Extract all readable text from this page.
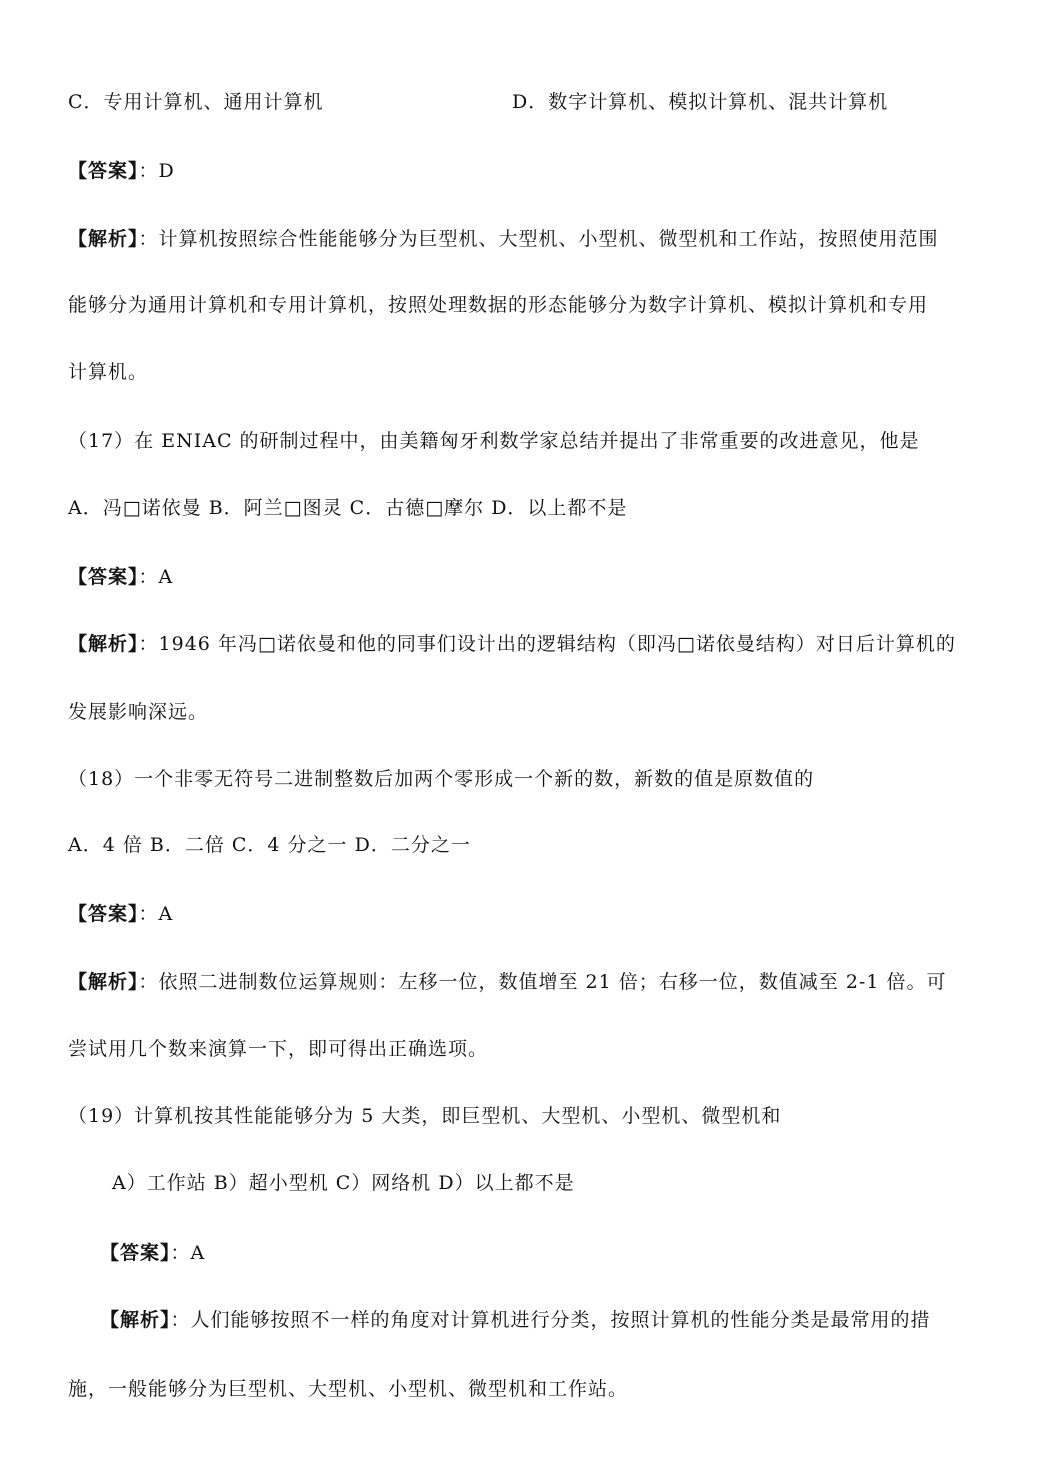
C．专用计算机、通用计算机	D．数字计算机、模拟计算机、混共计算机
【答案】：D
【解析】：计算机按照综合性能能够分为巨型机、大型机、小型机、微型机和工作站，按照使用范围
能够分为通用计算机和专用计算机，按照处理数据的形态能够分为数字计算机、模拟计算机和专用
计算机。
（17）在 ENIAC 的研制过程中，由美籍匈牙利数学家总结并提出了非常重要的改进意见，他是
A．冯□诺依曼 B．阿兰□图灵 C．古德□摩尔 D．以上都不是
【答案】：A
【解析】：1946 年冯□诺依曼和他的同事们设计出的逻辑结构（即冯□诺依曼结构）对日后计算机的
发展影响深远。
（18）一个非零无符号二进制整数后加两个零形成一个新的数，新数的值是原数值的
A．4 倍 B．二倍 C．4 分之一 D．二分之一
【答案】：A
【解析】：依照二进制数位运算规则：左移一位，数值增至 21 倍；右移一位，数值减至 2-1 倍。可
尝试用几个数来演算一下，即可得出正确选项。
（19）计算机按其性能能够分为 5 大类，即巨型机、大型机、小型机、微型机和
A）工作站 B）超小型机 C）网络机 D）以上都不是
【答案】：A
【解析】：人们能够按照不一样的角度对计算机进行分类，按照计算机的性能分类是最常用的措
施，一般能够分为巨型机、大型机、小型机、微型机和工作站。
